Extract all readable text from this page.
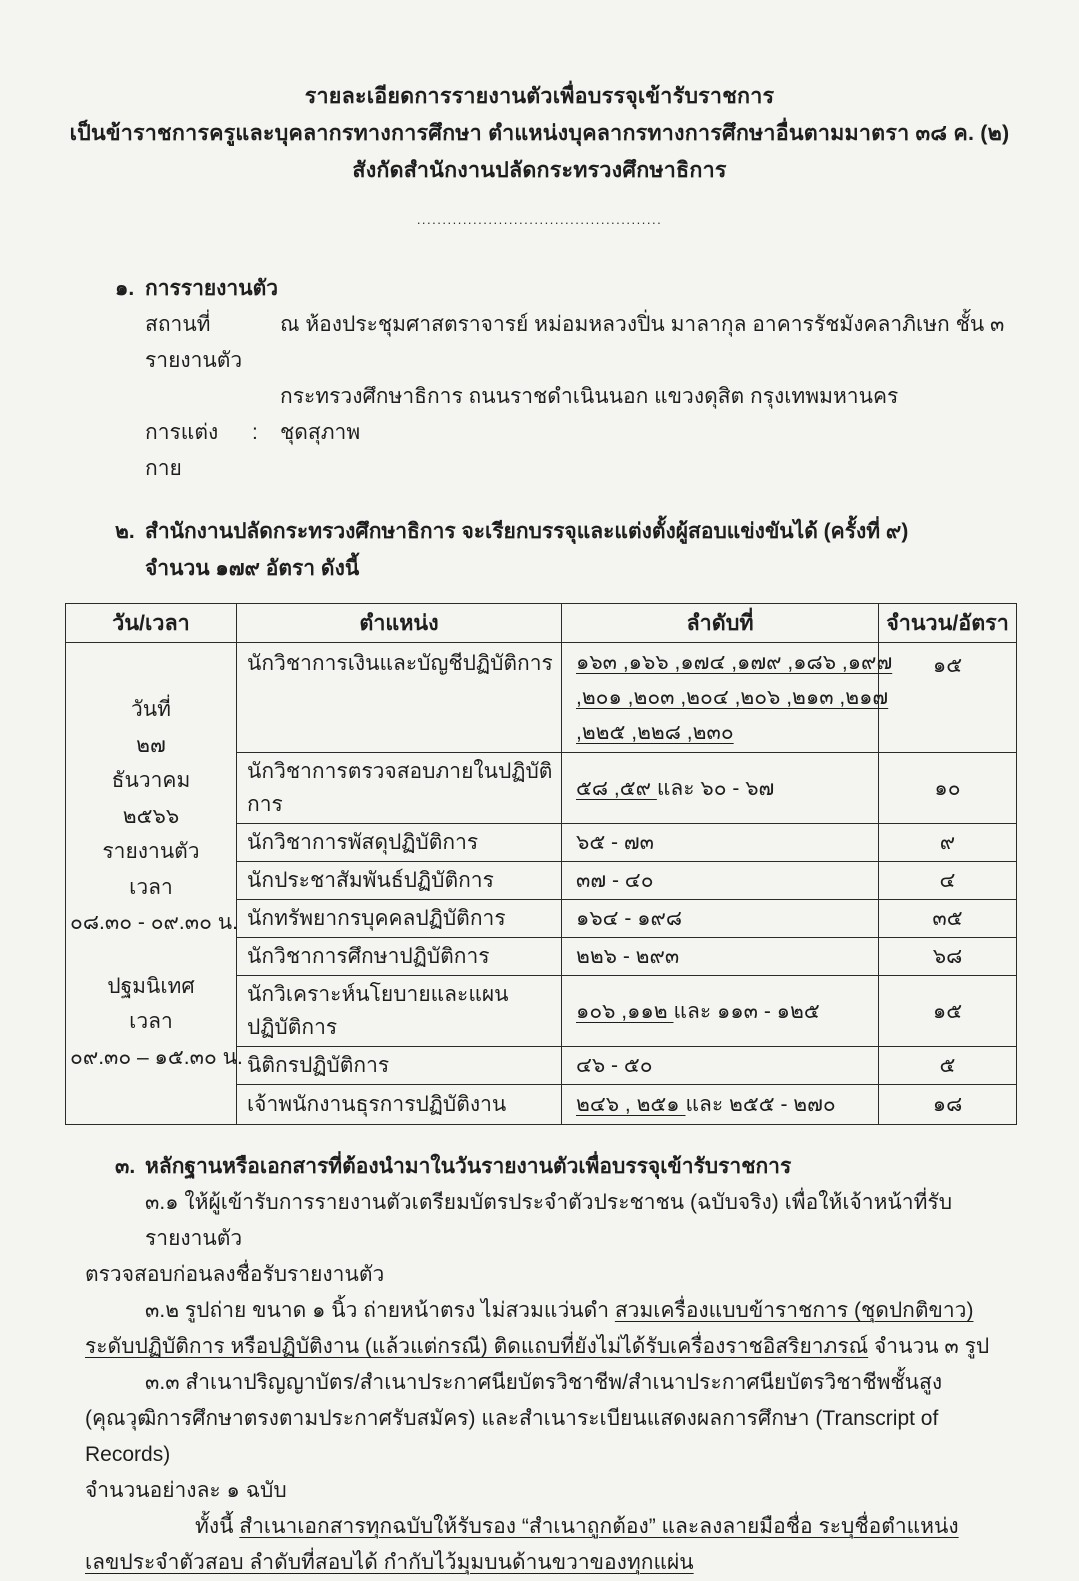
รายละเอียดการรายงานตัวเพื่อบรรจุเข้ารับราชการ
เป็นข้าราชการครูและบุคลากรทางการศึกษา ตำแหน่งบุคลากรทางการศึกษาอื่นตามมาตรา ๓๘ ค. (๒)
สังกัดสำนักงานปลัดกระทรวงศึกษาธิการ
................................................
๑. การรายงานตัว
สถานที่รายงานตัว
ณ ห้องประชุมศาสตราจารย์ หม่อมหลวงปิ่น มาลากุล อาคารรัชมังคลาภิเษก ชั้น ๓
กระทรวงศึกษาธิการ ถนนราชดำเนินนอก แขวงดุสิต กรุงเทพมหานคร
การแต่งกาย
:	ชุดสุภาพ
๒. สำนักงานปลัดกระทรวงศึกษาธิการ จะเรียกบรรจุและแต่งตั้งผู้สอบแข่งขันได้ (ครั้งที่ ๙)
จำนวน ๑๗๙ อัตรา ดังนี้
วัน/เวลา	ตำแหน่ง	ลำดับที่	จำนวน/อัตรา

วันที่
๒๗
ธันวาคม
๒๕๖๖
รายงานตัว
เวลา
๐๘.๓๐ - ๐๙.๓๐ น.
ปฐมนิเทศ
เวลา
๐๙.๓๐ – ๑๕.๓๐ น.
	นักวิชาการเงินและบัญชีปฏิบัติการ	๑๖๓ ,๑๖๖ ,๑๗๔ ,๑๗๙ ,๑๘๖ ,๑๙๗
,๒๐๑ ,๒๐๓ ,๒๐๔ ,๒๐๖ ,๒๑๓ ,๒๑๗
,๒๒๕ ,๒๒๘ ,๒๓๐
	๑๕
	นักวิชาการตรวจสอบภายในปฏิบัติการ	๕๘ ,๕๙ และ ๖๐ - ๖๗	๑๐
	นักวิชาการพัสดุปฏิบัติการ	๖๕ - ๗๓	๙
	นักประชาสัมพันธ์ปฏิบัติการ	๓๗ - ๔๐	๔
	นักทรัพยากรบุคคลปฏิบัติการ	๑๖๔ - ๑๙๘	๓๕
	นักวิชาการศึกษาปฏิบัติการ	๒๒๖ - ๒๙๓	๖๘
	นักวิเคราะห์นโยบายและแผนปฏิบัติการ	๑๐๖ ,๑๑๒ และ ๑๑๓ - ๑๒๕	๑๕
	นิติกรปฏิบัติการ	๔๖ - ๕๐	๕
	เจ้าพนักงานธุรการปฏิบัติงาน	๒๔๖ , ๒๕๑ และ ๒๕๕ - ๒๗๐	๑๘
๓. หลักฐานหรือเอกสารที่ต้องนำมาในวันรายงานตัวเพื่อบรรจุเข้ารับราชการ
๓.๑ ให้ผู้เข้ารับการรายงานตัวเตรียมบัตรประจำตัวประชาชน (ฉบับจริง) เพื่อให้เจ้าหน้าที่รับรายงานตัว
ตรวจสอบก่อนลงชื่อรับรายงานตัว
๓.๒ รูปถ่าย ขนาด ๑ นิ้ว ถ่ายหน้าตรง ไม่สวมแว่นดำ สวมเครื่องแบบข้าราชการ (ชุดปกติขาว)
ระดับปฏิบัติการ หรือปฏิบัติงาน (แล้วแต่กรณี) ติดแถบที่ยังไม่ได้รับเครื่องราชอิสริยาภรณ์ จำนวน ๓ รูป
๓.๓ สำเนาปริญญาบัตร/สำเนาประกาศนียบัตรวิชาชีพ/สำเนาประกาศนียบัตรวิชาชีพชั้นสูง
(คุณวุฒิการศึกษาตรงตามประกาศรับสมัคร) และสำเนาระเบียนแสดงผลการศึกษา (Transcript of Records)
จำนวนอย่างละ ๑ ฉบับ
ทั้งนี้ สำเนาเอกสารทุกฉบับให้รับรอง “สำเนาถูกต้อง” และลงลายมือชื่อ ระบุชื่อตำแหน่ง
เลขประจำตัวสอบ ลำดับที่สอบได้ กำกับไว้มุมบนด้านขวาของทุกแผ่น
